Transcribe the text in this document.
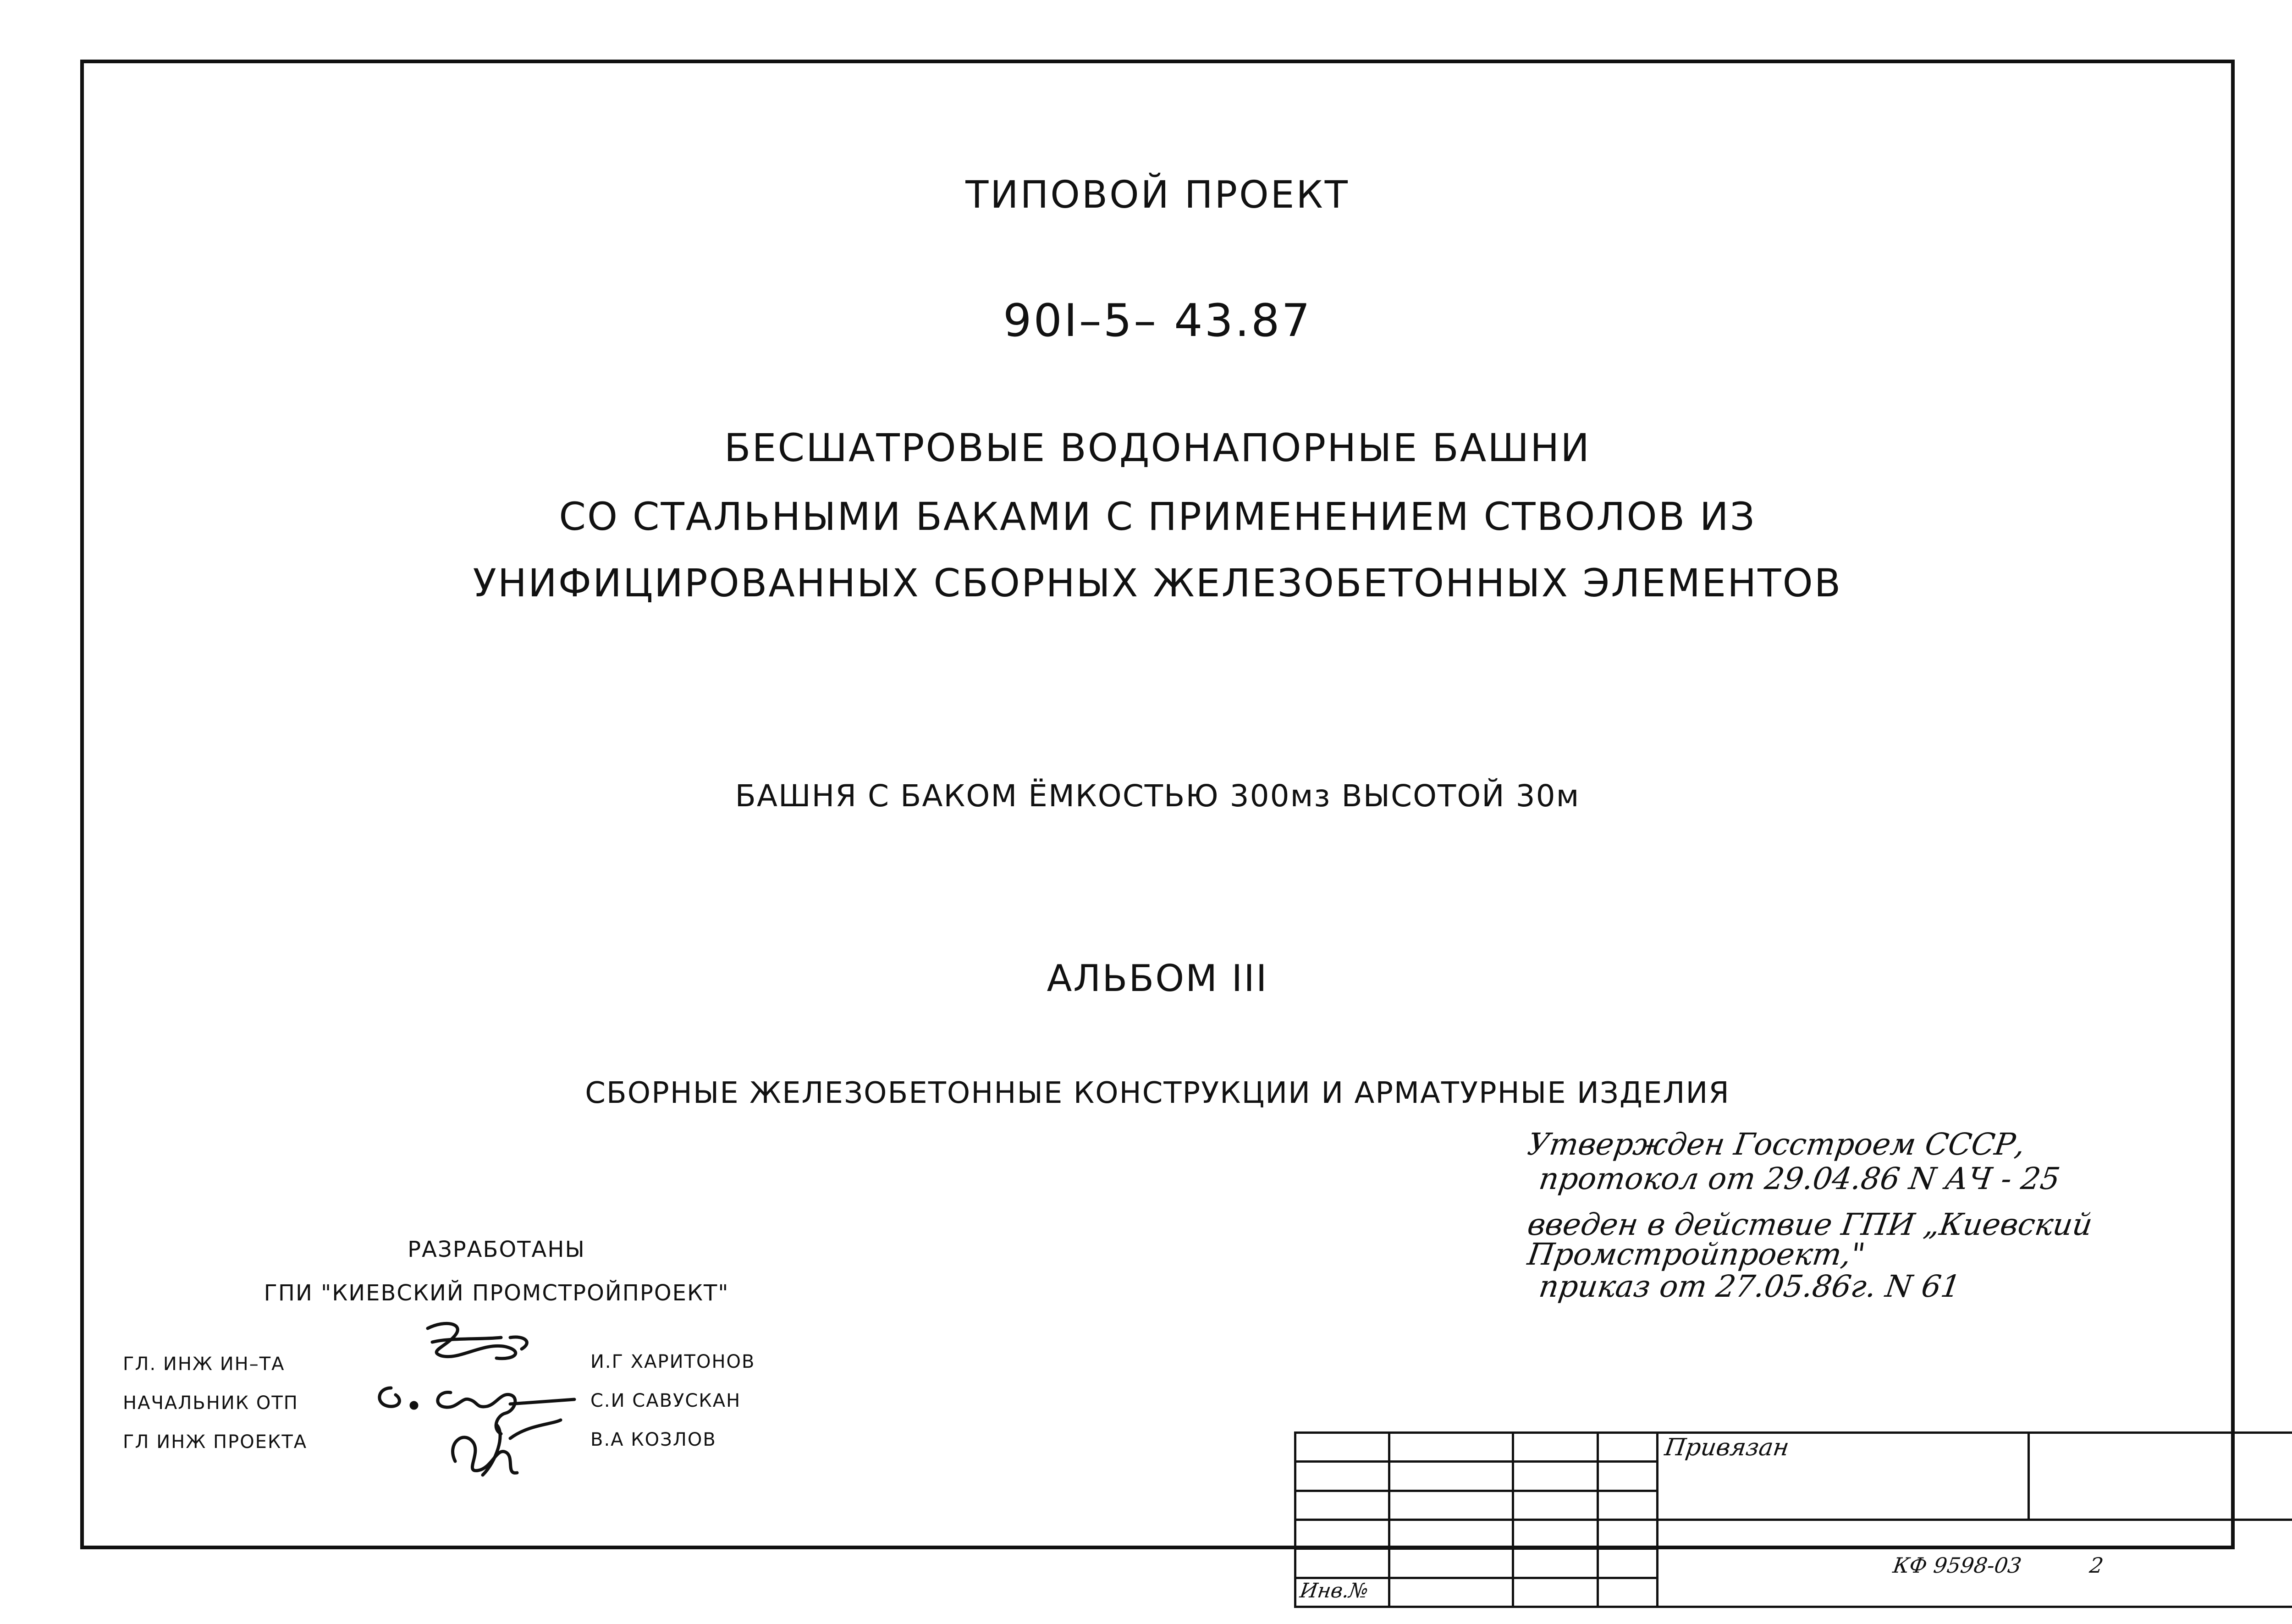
ТИПОВОЙ ПРОЕКТ
90I–5– 43.87
БЕСШАТРОВЫЕ ВОДОНАПОРНЫЕ БАШНИ
СО СТАЛЬНЫМИ БАКАМИ С ПРИМЕНЕНИЕМ СТВОЛОВ ИЗ
УНИФИЦИРОВАННЫХ СБОРНЫХ ЖЕЛЕЗОБЕТОННЫХ ЭЛЕМЕНТОВ
БАШНЯ С БАКОМ ЁМКОСТЬЮ 300мз ВЫСОТОЙ 30м
АЛЬБОМ III
СБОРНЫЕ ЖЕЛЕЗОБЕТОННЫЕ КОНСТРУКЦИИ И АРМАТУРНЫЕ ИЗДЕЛИЯ
Утвержден Госстроем СССР,
протокол от 29.04.86 N АЧ - 25
введен в действие ГПИ „Киевский
Промстройпроект,"
приказ от 27.05.86г. N 61
РАЗРАБОТАНЫ
ГПИ "КИЕВСКИЙ ПРОМСТРОЙПРОЕКТ"
ГЛ. ИНЖ ИН–ТА	И.Г ХАРИТОНОВ
НАЧАЛЬНИК ОТП	С.И САВУСКАН
ГЛ ИНЖ ПРОЕКТА	В.А КОЗЛОВ
					Привязан	

Инв.№					
КФ 9598-03	2
